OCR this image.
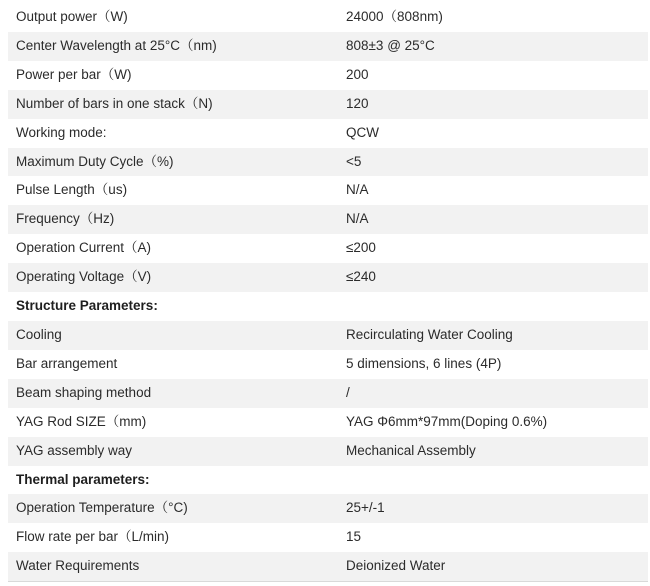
Output power（W)	24000（808nm)
Center Wavelength at 25°C（nm)	808±3 @ 25°C
Power per bar（W)	200
Number of bars in one stack（N)	120
Working mode:	QCW
Maximum Duty Cycle（%)	<5
Pulse Length（us)	N/A
Frequency（Hz)	N/A
Operation Current（A)	≤200
Operating Voltage（V)	≤240
Structure Parameters:	
Cooling	Recirculating Water Cooling
Bar arrangement	5 dimensions, 6 lines (4P)
Beam shaping method	/
YAG Rod SIZE（mm)	YAG Φ6mm*97mm(Doping 0.6%)
YAG assembly way	Mechanical Assembly
Thermal parameters:	
Operation Temperature（°C)	25+/-1
Flow rate per bar（L/min)	15
Water Requirements	Deionized Water
